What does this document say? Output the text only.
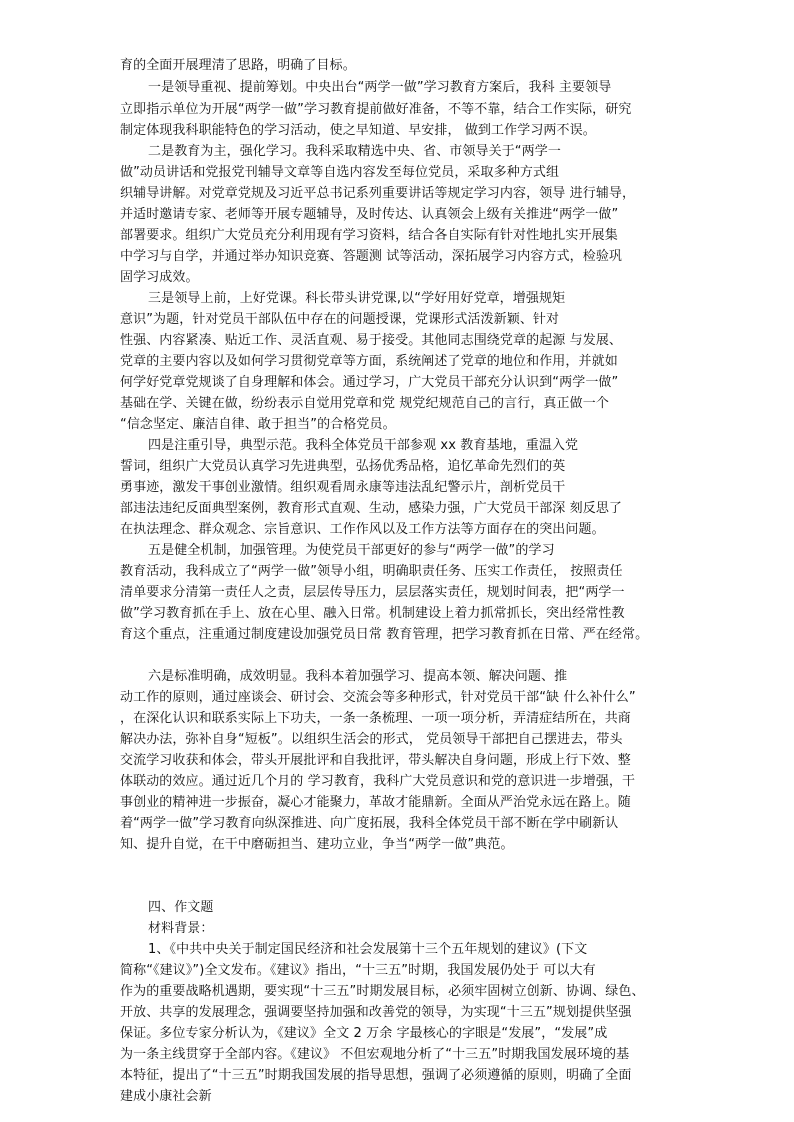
育的全面开展理清了思路，明确了目标。
一是领导重视、提前筹划。中央出台“两学一做”学习教育方案后，我科 主要领导
立即指示单位为开展“两学一做”学习教育提前做好准备，不等不靠，结合工作实际，研究
制定体现我科职能特色的学习活动，使之早知道、早安排， 做到工作学习两不误。
二是教育为主，强化学习。我科采取精选中央、省、市领导关于“两学一
做”动员讲话和党报党刊辅导文章等自选内容发至每位党员，采取多种方式组
织辅导讲解。对党章党规及习近平总书记系列重要讲话等规定学习内容，领导 进行辅导，
并适时邀请专家、老师等开展专题辅导，及时传达、认真领会上级有关推进“两学一做”
部署要求。组织广大党员充分利用现有学习资料，结合各自实际有针对性地扎实开展集
中学习与自学，并通过举办知识竞赛、答题测 试等活动，深拓展学习内容方式，检验巩
固学习成效。
三是领导上前，上好党课。科长带头讲党课,以“学好用好党章，增强规矩
意识”为题，针对党员干部队伍中存在的问题授课，党课形式活泼新颖、针对
性强、内容紧凑、贴近工作、灵活直观、易于接受。其他同志围绕党章的起源 与发展、
党章的主要内容以及如何学习贯彻党章等方面，系统阐述了党章的地位和作用，并就如
何学好党章党规谈了自身理解和体会。通过学习，广大党员干部充分认识到“两学一做”
基础在学、关键在做，纷纷表示自觉用党章和党 规党纪规范自己的言行，真正做一个
“信念坚定、廉洁自律、敢于担当”的合格党员。
四是注重引导，典型示范。我科全体党员干部参观 xx 教育基地，重温入党
誓词，组织广大党员认真学习先进典型，弘扬优秀品格，追忆革命先烈们的英
勇事迹，激发干事创业激情。组织观看周永康等违法乱纪警示片，剖析党员干
部违法违纪反面典型案例，教育形式直观、生动，感染力强，广大党员干部深 刻反思了
在执法理念、群众观念、宗旨意识、工作作风以及工作方法等方面存在的突出问题。
五是健全机制，加强管理。为使党员干部更好的参与“两学一做”的学习
教育活动，我科成立了“两学一做”领导小组，明确职责任务、压实工作责任， 按照责任
清单要求分清第一责任人之责，层层传导压力，层层落实责任，规划时间表，把“两学一
做”学习教育抓在手上、放在心里、融入日常。机制建设上着力抓常抓长，突出经常性教
育这个重点，注重通过制度建设加强党员日常 教育管理，把学习教育抓在日常、严在经常。
六是标准明确，成效明显。我科本着加强学习、提高本领、解决问题、推
动工作的原则，通过座谈会、研讨会、交流会等多种形式，针对党员干部“缺 什么补什么”
，在深化认识和联系实际上下功夫，一条一条梳理、一项一项分析，弄清症结所在，共商
解决办法，弥补自身“短板”。以组织生活会的形式， 党员领导干部把自己摆进去，带头
交流学习收获和体会，带头开展批评和自我批评，带头解决自身问题，形成上行下效、整
体联动的效应。通过近几个月的 学习教育，我科广大党员意识和党的意识进一步增强，干
事创业的精神进一步振奋，凝心才能聚力，革故才能鼎新。全面从严治党永远在路上。随
着“两学一做”学习教育向纵深推进、向广度拓展，我科全体党员干部不断在学中刷新认
知、提升自觉，在干中磨砺担当、建功立业，争当“两学一做”典范。
四、作文题
材料背景：
1、《中共中央关于制定国民经济和社会发展第十三个五年规划的建议》(下文
简称“《建议》”)全文发布。《建议》指出，“十三五”时期，我国发展仍处于 可以大有
作为的重要战略机遇期，要实现“十三五”时期发展目标，必须牢固树立创新、协调、绿色、
开放、共享的发展理念，强调要坚持加强和改善党的领导，为实现“十三五”规划提供坚强
保证。多位专家分析认为，《建议》全文 2 万余 字最核心的字眼是“发展”，“发展”成
为一条主线贯穿于全部内容。《建议》 不但宏观地分析了“十三五”时期我国发展环境的基
本特征，提出了“十三五”时期我国发展的指导思想，强调了必须遵循的原则，明确了全面
建成小康社会新
